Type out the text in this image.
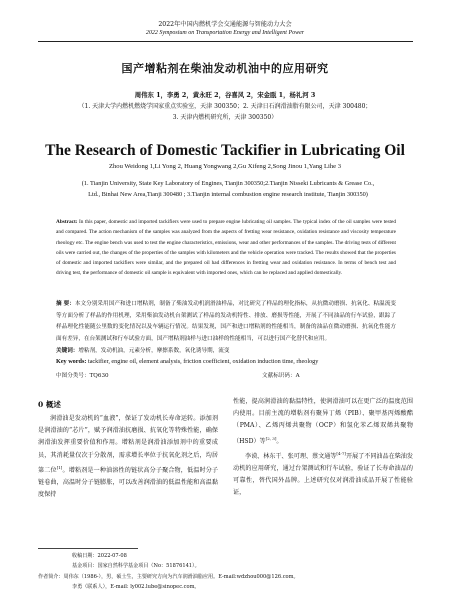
2022年中国内燃机学会交通能源与智能动力大会
2022 Symposium on Transportation Energy and Intelligent Power
国产增粘剂在柴油发动机油中的应用研究
周伟东 1，李勇 2，黄永旺 2，谷喜风 2，宋金瓯 1，杨礼河 3
（1. 天津大学内燃机燃烧学国家重点实验室，天津 300350；2. 天津日石润滑油脂有限公司，天津 300480；
3. 天津内燃机研究所，天津 300350）
The Research of Domestic Tackifier in Lubricating Oil
Zhou Weidong 1,Li Yong 2, Huang Yongwang 2,Gu Xifeng 2,Song Jinou 1,Yang Lihe 3
(1. Tianjin University, State Key Laboratory of Engines, Tianjin 300350;2.Tianjin Nisseki Lubricants & Grease Co., Ltd., Binhai New Area,Tianji 300480 ; 3.Tianjin internal combustion engine research institute, Tianjin 300350)
Abstract: In this paper, domestic and imported tackifiers were used to prepare engine lubricating oil samples. The typical index of the oil samples were tested and compared. The action mechanism of the samples was analyzed from the aspects of fretting wear resistance, oxidation resistance and viscosity temperature rheology etc. The engine bench was used to test the engine characteristics, emissions, wear and other performances of the samples. The driving tests of different oils were carried out, the changes of the properties of the samples with kilometers and the vehicle operation were tracked. The results showed that the properties of domestic and imported tackifiers were similar, and the prepared oil had differences in fretting wear and oxidation resistance. In terms of bench test and driving test, the performance of domestic oil sample is equivalent with imported ones, which can be replaced and applied domestically.
摘 要：本文分别采用国产和进口增粘剂，制备了柴油发动机润滑油样品，对比研究了样品的理化指标，从抗微动磨损、抗氧化、粘温流变等方面分析了样品的作用机理，采用柴油发动机台架测试了样品的发动机特性、排放、磨损等性能，开展了不同油品的行车试验，跟踪了样品理化性能随公里数的变化情况以及车辆运行情况。结果发现，国产和进口增粘剂的性能相当，制备的油品在微动磨损、抗氧化性能方面有差异，在台架测试和行车试验方面，国产增粘剂油样与进口油样的性能相当，可以进行国产化替代和应用。
关键词：增粘剂，发动机油，元素分析，摩擦系数，氧化诱导期，流变
Key words: tackifier, engine oil, element analysis, friction coefficient, oxidation induction time, rheology
中图分类号：TQ630	文献标识码：A
0 概述
润滑油是发动机的“血液”，保证了发动机长寿命运转。添加剂是润滑油的“芯片”，赋予润滑油抗磨损、抗氧化等特殊性能，确保润滑油发挥重要价值和作用。增粘剂是润滑油添加剂中的重要成员，其消耗量仅次于分散剂，需求增长率位于抗氧化剂之后，均居第二位[1]。增粘剂是一种油溶性的链状高分子聚合物，低温时分子链卷曲，高温时分子链膨胀，可以改善润滑油的低温性能和高温黏度保持
性能，提高润滑油的黏温特性，使润滑油可以在更广泛的温度范围内使用。目前主流的增粘剂有聚异丁烯（PIB）、聚甲基丙烯酸酯（PMA）、乙烯丙烯共聚物（OCP）和氢化苯乙烯双烯共聚物（HSD）等[2, 3]。
李谟、林东干、张可理、蔡文通等[4-7]开展了不同油品在柴油发动机的应用研究，通过台架测试和行车试验，验证了长寿命油品的可靠性，替代国外品牌。上述研究仅对润滑油成品开展了性能验证，
收稿日期：2022-07-08
基金项目：国家自然科学基金项目（No：51876141）。
作者简介：周伟东（1986-），男，硕士生，主要研究方向为汽车润滑油脂应用。E-mail:wdzhou000@126.com。
李勇（联系人），E-mail: ly002.lube@sinopec.com。
